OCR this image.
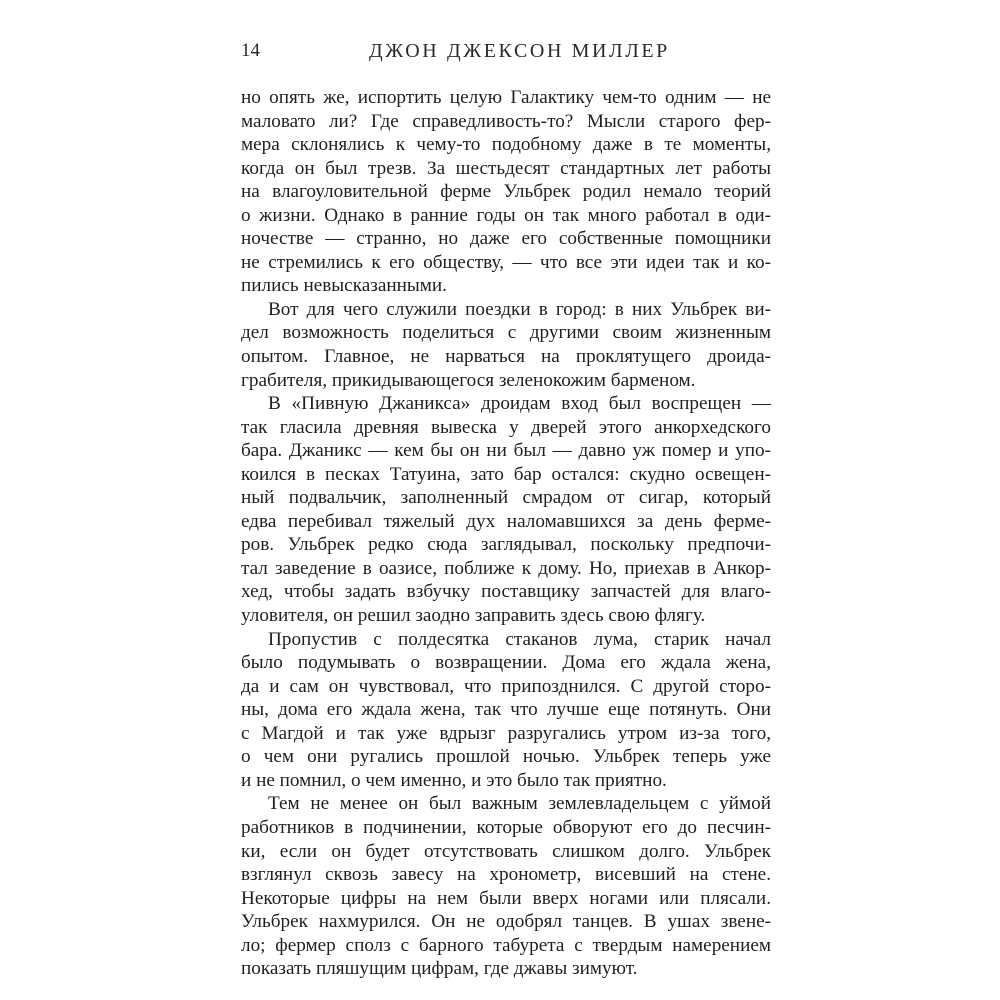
14	ДЖОН ДЖЕКСОН МИЛЛЕР
но опять же, испортить целую Галактику чем-то одним — не
маловато ли? Где справедливость-то? Мысли старого фер-
мера склонялись к чему-то подобному даже в те моменты,
когда он был трезв. За шестьдесят стандартных лет работы
на влагоуловительной ферме Ульбрек родил немало теорий
о жизни. Однако в ранние годы он так много работал в оди-
ночестве — странно, но даже его собственные помощники
не стремились к его обществу, — что все эти идеи так и ко-
пились невысказанными.
Вот для чего служили поездки в город: в них Ульбрек ви-
дел возможность поделиться с другими своим жизненным
опытом. Главное, не нарваться на проклятущего дроида-
грабителя, прикидывающегося зеленокожим барменом.
В «Пивную Джаникса» дроидам вход был воспрещен —
так гласила древняя вывеска у дверей этого анкорхедского
бара. Джаникс — кем бы он ни был — давно уж помер и упо-
коился в песках Татуина, зато бар остался: скудно освещен-
ный подвальчик, заполненный смрадом от сигар, который
едва перебивал тяжелый дух наломавшихся за день ферме-
ров. Ульбрек редко сюда заглядывал, поскольку предпочи-
тал заведение в оазисе, поближе к дому. Но, приехав в Анкор-
хед, чтобы задать взбучку поставщику запчастей для влаго-
уловителя, он решил заодно заправить здесь свою флягу.
Пропустив с полдесятка стаканов лума, старик начал
было подумывать о возвращении. Дома его ждала жена,
да и сам он чувствовал, что припозднился. С другой сторо-
ны, дома его ждала жена, так что лучше еще потянуть. Они
с Магдой и так уже вдрызг разругались утром из-за того,
о чем они ругались прошлой ночью. Ульбрек теперь уже
и не помнил, о чем именно, и это было так приятно.
Тем не менее он был важным землевладельцем с уймой
работников в подчинении, которые обворуют его до песчин-
ки, если он будет отсутствовать слишком долго. Ульбрек
взглянул сквозь завесу на хронометр, висевший на стене.
Некоторые цифры на нем были вверх ногами или плясали.
Ульбрек нахмурился. Он не одобрял танцев. В ушах звене-
ло; фермер сполз с барного табурета с твердым намерением
показать пляшущим цифрам, где джавы зимуют.
